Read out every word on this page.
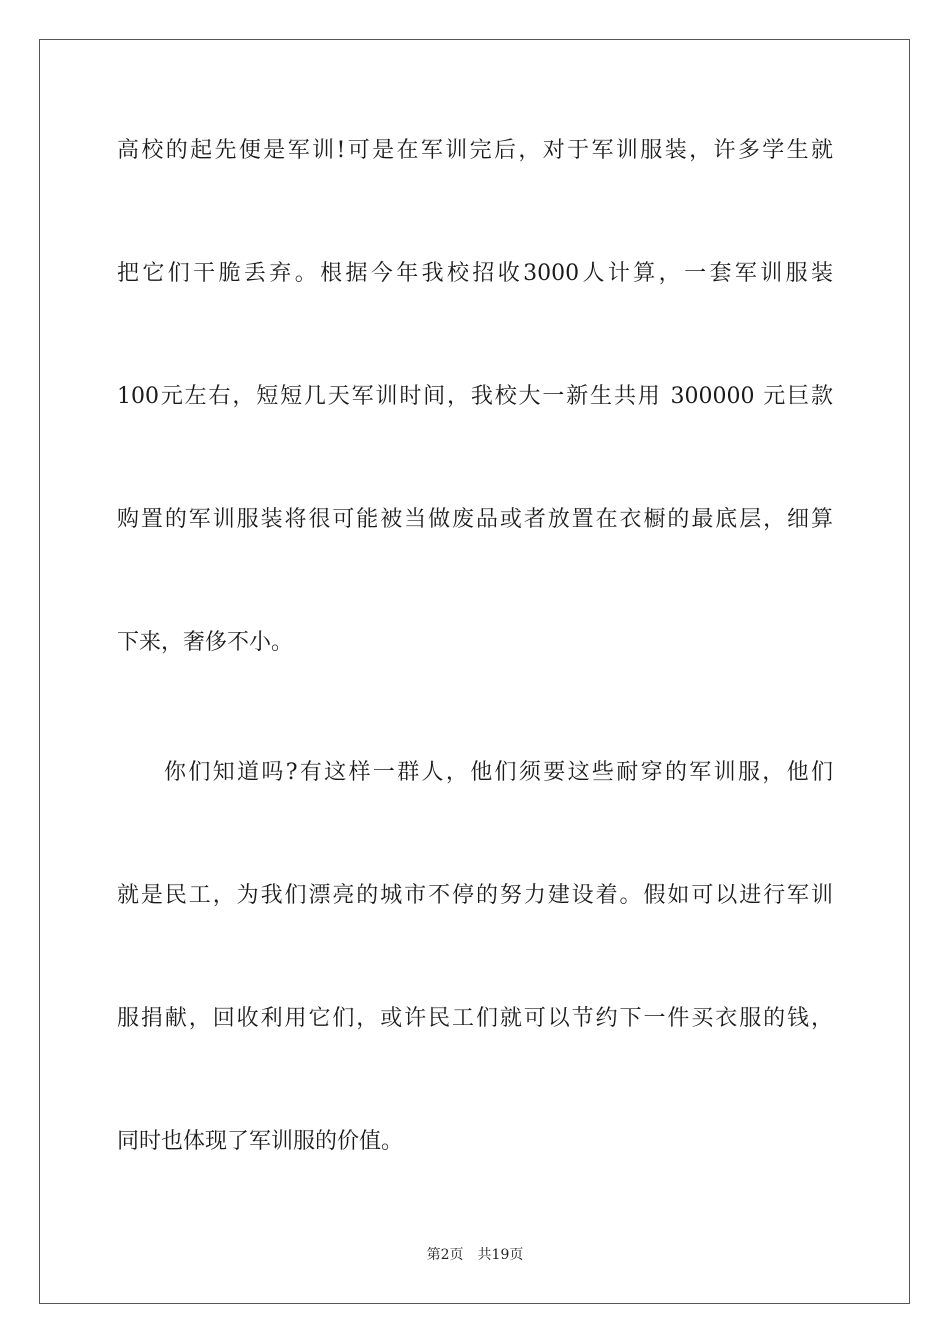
高校的起先便是军训!可是在军训完后，对于军训服装，许多学生就
把它们干脆丢弃。根据今年我校招收3000人计算，一套军训服装
100元左右，短短几天军训时间，我校大一新生共用 300000 元巨款
购置的军训服装将很可能被当做废品或者放置在衣橱的最底层，细算
下来，奢侈不小。
你们知道吗?有这样一群人，他们须要这些耐穿的军训服，他们
就是民工，为我们漂亮的城市不停的努力建设着。假如可以进行军训
服捐献，回收利用它们，或许民工们就可以节约下一件买衣服的钱，
同时也体现了军训服的价值。
第2页 共19页
